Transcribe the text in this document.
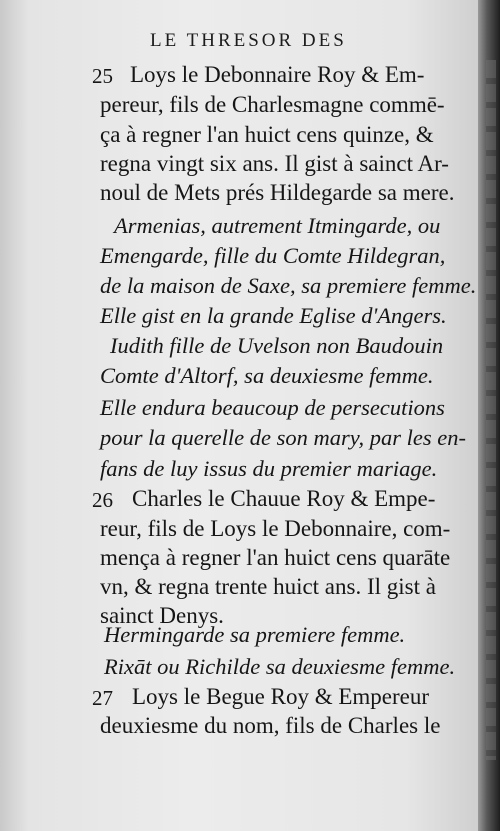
LE THRESOR DES
25 Loys le Debonnaire Roy & Em-
pereur, fils de Charlesmagne commē-
ça à regner l'an huict cens quinze, &
regna vingt six ans. Il gist à sainct Ar-
noul de Mets prés Hildegarde sa mere.
Armenias, autrement Itmingarde, ou
Emengarde, fille du Comte Hildegran,
de la maison de Saxe, sa premiere femme.
Elle gist en la grande Eglise d'Angers.
Iudith fille de Uvelson non Baudouin
Comte d'Altorf, sa deuxiesme femme.
Elle endura beaucoup de persecutions
pour la querelle de son mary, par les en-
fans de luy issus du premier mariage.
26 Charles le Chauue Roy & Empe-
reur, fils de Loys le Debonnaire, com-
mença à regner l'an huict cens quarāte
vn, & regna trente huict ans. Il gist à
sainct Denys.
Hermingarde sa premiere femme.
Rixāt ou Richilde sa deuxiesme femme.
27 Loys le Begue Roy & Empereur
deuxiesme du nom, fils de Charles le
